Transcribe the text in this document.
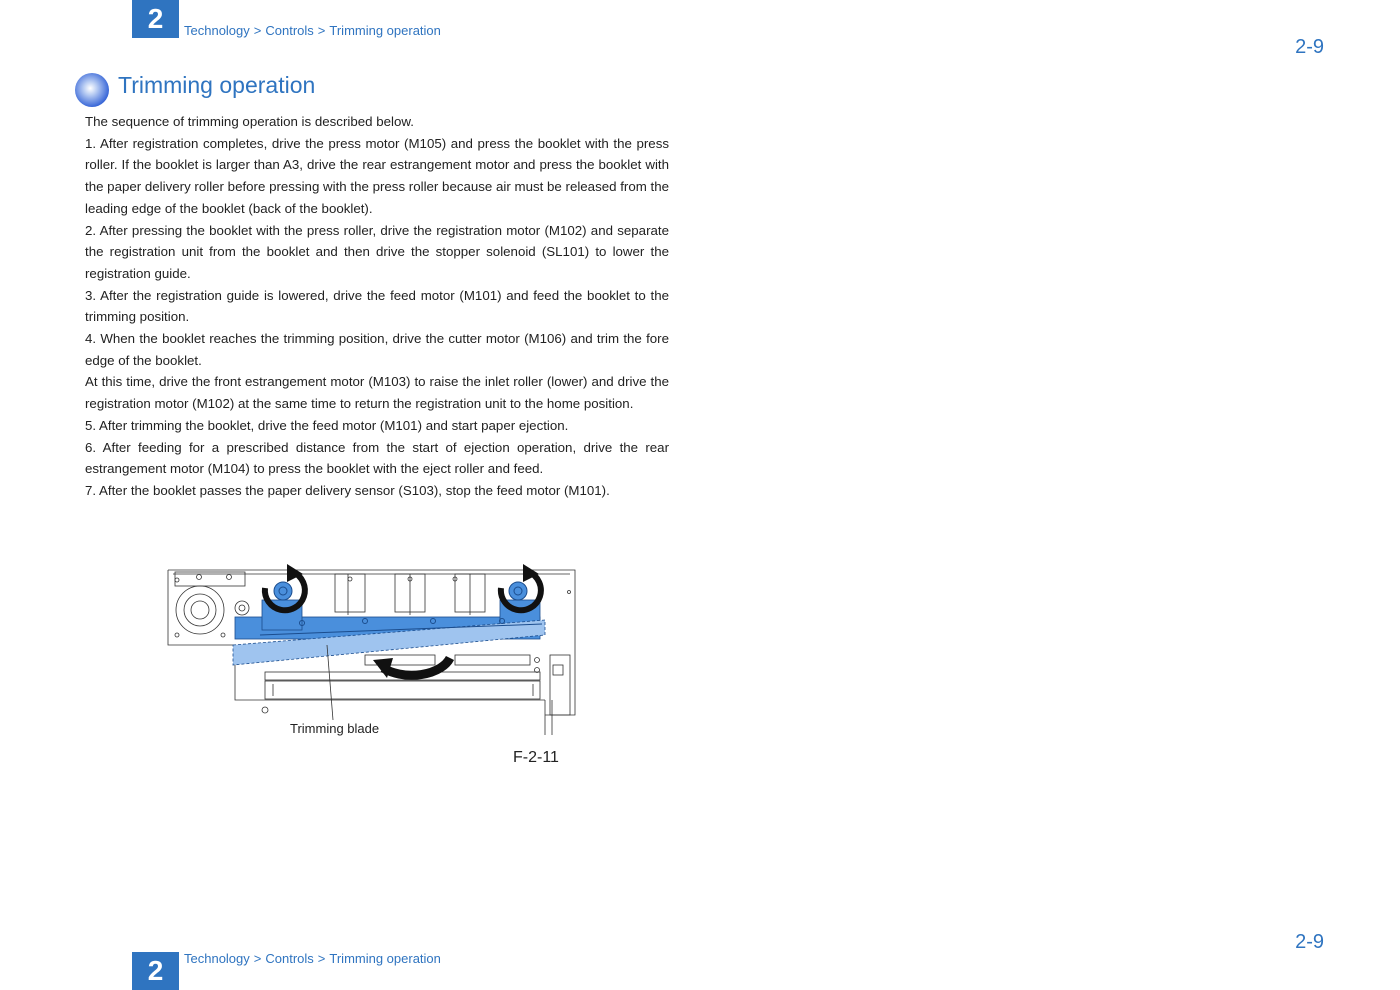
2	Technology > Controls > Trimming operation
2-9
Trimming operation

The sequence of trimming operation is described below.

1. After registration completes, drive the press motor (M105) and press the booklet with the press roller. If the booklet is larger than A3, drive the rear estrangement motor and press the booklet with the paper delivery roller before pressing with the press roller because air must be released from the leading edge of the booklet (back of the booklet).

2. After pressing the booklet with the press roller, drive the registration motor (M102) and separate the registration unit from the booklet and then drive the stopper solenoid (SL101) to lower the registration guide.

3. After the registration guide is lowered, drive the feed motor (M101) and feed the booklet to the trimming position.

4. When the booklet reaches the trimming position, drive the cutter motor (M106) and trim the fore edge of the booklet.

At this time, drive the front estrangement motor (M103) to raise the inlet roller (lower) and drive the registration motor (M102) at the same time to return the registration unit to the home position.

5. After trimming the booklet, drive the feed motor (M101) and start paper ejection.

6. After feeding for a prescribed distance from the start of ejection operation, drive the rear estrangement motor (M104) to press the booklet with the eject roller and feed.

7. After the booklet passes the paper delivery sensor (S103), stop the feed motor (M101).

Trimming blade
F-2-11
2-9
2	Technology > Controls > Trimming operation
